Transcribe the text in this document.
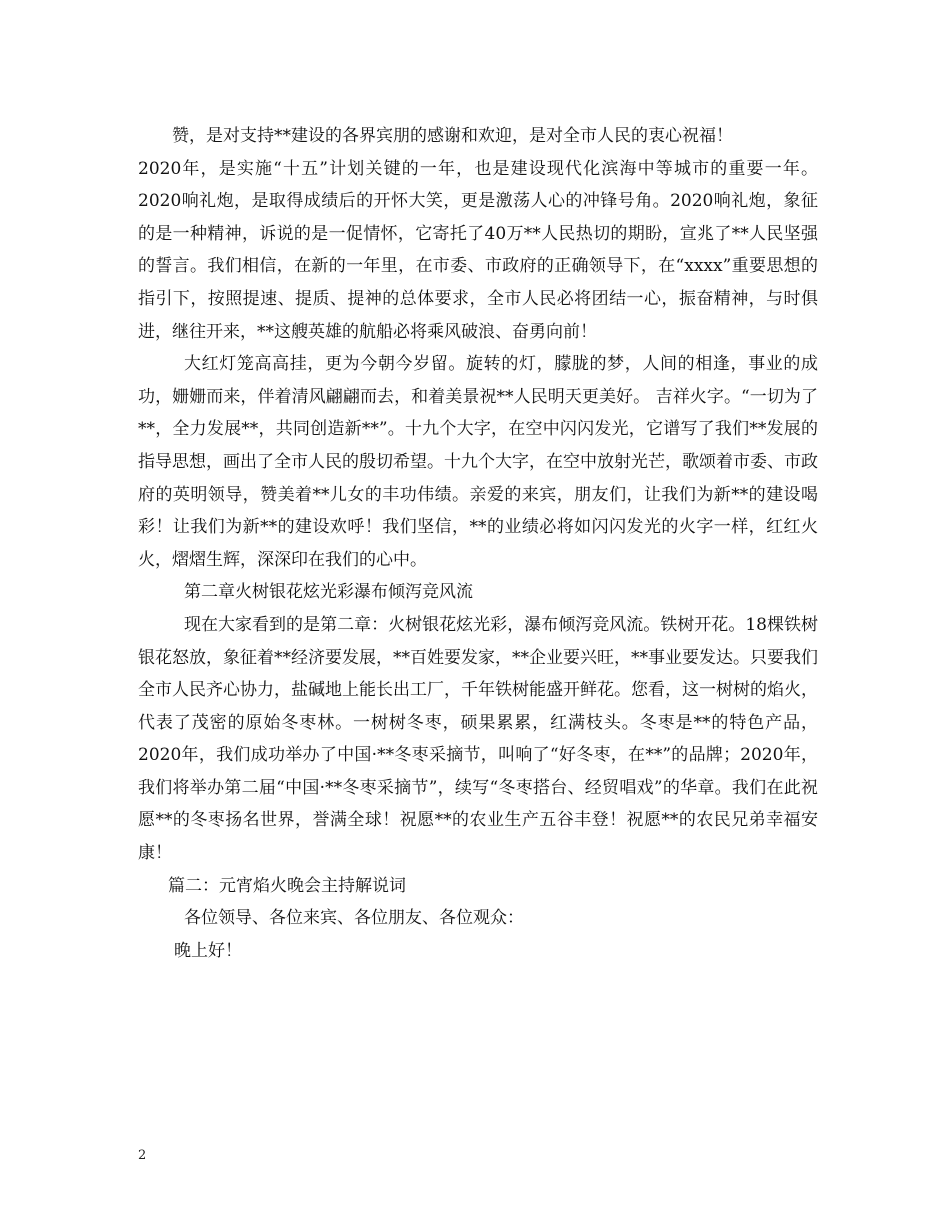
赞，是对支持**建设的各界宾朋的感谢和欢迎，是对全市人民的衷心祝福！

2020年，是实施“十五”计划关键的一年，也是建设现代化滨海中等城市的重要一年。2020响礼炮，是取得成绩后的开怀大笑，更是激荡人心的冲锋号角。2020响礼炮，象征的是一种精神，诉说的是一促情怀，它寄托了40万**人民热切的期盼，宣兆了**人民坚强的誓言。我们相信，在新的一年里，在市委、市政府的正确领导下，在“xxxx”重要思想的指引下，按照提速、提质、提神的总体要求，全市人民必将团结一心，振奋精神，与时俱进，继往开来，**这艘英雄的航船必将乘风破浪、奋勇向前！

大红灯笼高高挂，更为今朝今岁留。旋转的灯，朦胧的梦，人间的相逢，事业的成功，姗姗而来，伴着清风翩翩而去，和着美景祝**人民明天更美好。 吉祥火字。“一切为了**，全力发展**，共同创造新**”。十九个大字，在空中闪闪发光，它谱写了我们**发展的指导思想，画出了全市人民的殷切希望。十九个大字，在空中放射光芒，歌颂着市委、市政府的英明领导，赞美着**儿女的丰功伟绩。亲爱的来宾，朋友们，让我们为新**的建设喝彩！让我们为新**的建设欢呼！我们坚信，**的业绩必将如闪闪发光的火字一样，红红火火，熠熠生辉，深深印在我们的心中。

第二章火树银花炫光彩瀑布倾泻竞风流

现在大家看到的是第二章：火树银花炫光彩，瀑布倾泻竞风流。铁树开花。18棵铁树银花怒放，象征着**经济要发展，**百姓要发家，**企业要兴旺，**事业要发达。只要我们全市人民齐心协力，盐碱地上能长出工厂，千年铁树能盛开鲜花。您看，这一树树的焰火，代表了茂密的原始冬枣林。一树树冬枣，硕果累累，红满枝头。冬枣是**的特色产品，2020年，我们成功举办了中国·**冬枣采摘节，叫响了“好冬枣，在**”的品牌；2020年，我们将举办第二届“中国·**冬枣采摘节”，续写“冬枣搭台、经贸唱戏”的华章。我们在此祝愿**的冬枣扬名世界，誉满全球！祝愿**的农业生产五谷丰登！祝愿**的农民兄弟幸福安康！

篇二：元宵焰火晚会主持解说词

各位领导、各位来宾、各位朋友、各位观众：

晚上好！

2
